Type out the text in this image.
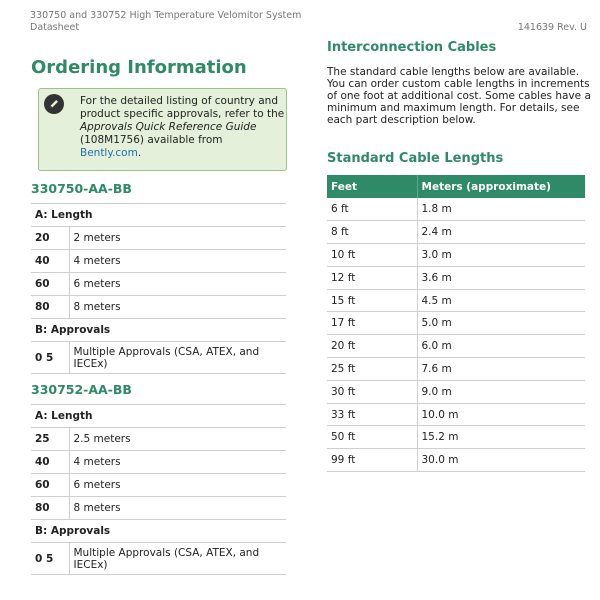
330750 and 330752 High Temperature Velomitor System Datasheet	141639 Rev. U
Ordering Information
For the detailed listing of country and product specific approvals, refer to the Approvals Quick Reference Guide (108M1756) available from Bently.com.
330750-AA-BB
A: Length	
20	2 meters
40	4 meters
60	6 meters
80	8 meters
B: Approvals	
0 5	Multiple Approvals (CSA, ATEX, and IECEx)
330752-AA-BB
A: Length	
25	2.5 meters
40	4 meters
60	6 meters
80	8 meters
B: Approvals	
0 5	Multiple Approvals (CSA, ATEX, and IECEx)
Interconnection Cables
The standard cable lengths below are available. You can order custom cable lengths in increments of one foot at additional cost. Some cables have a minimum and maximum length. For details, see each part description below.
Standard Cable Lengths
Feet	Meters (approximate)
6 ft	1.8 m
8 ft	2.4 m
10 ft	3.0 m
12 ft	3.6 m
15 ft	4.5 m
17 ft	5.0 m
20 ft	6.0 m
25 ft	7.6 m
30 ft	9.0 m
33 ft	10.0 m
50 ft	15.2 m
99 ft	30.0 m
